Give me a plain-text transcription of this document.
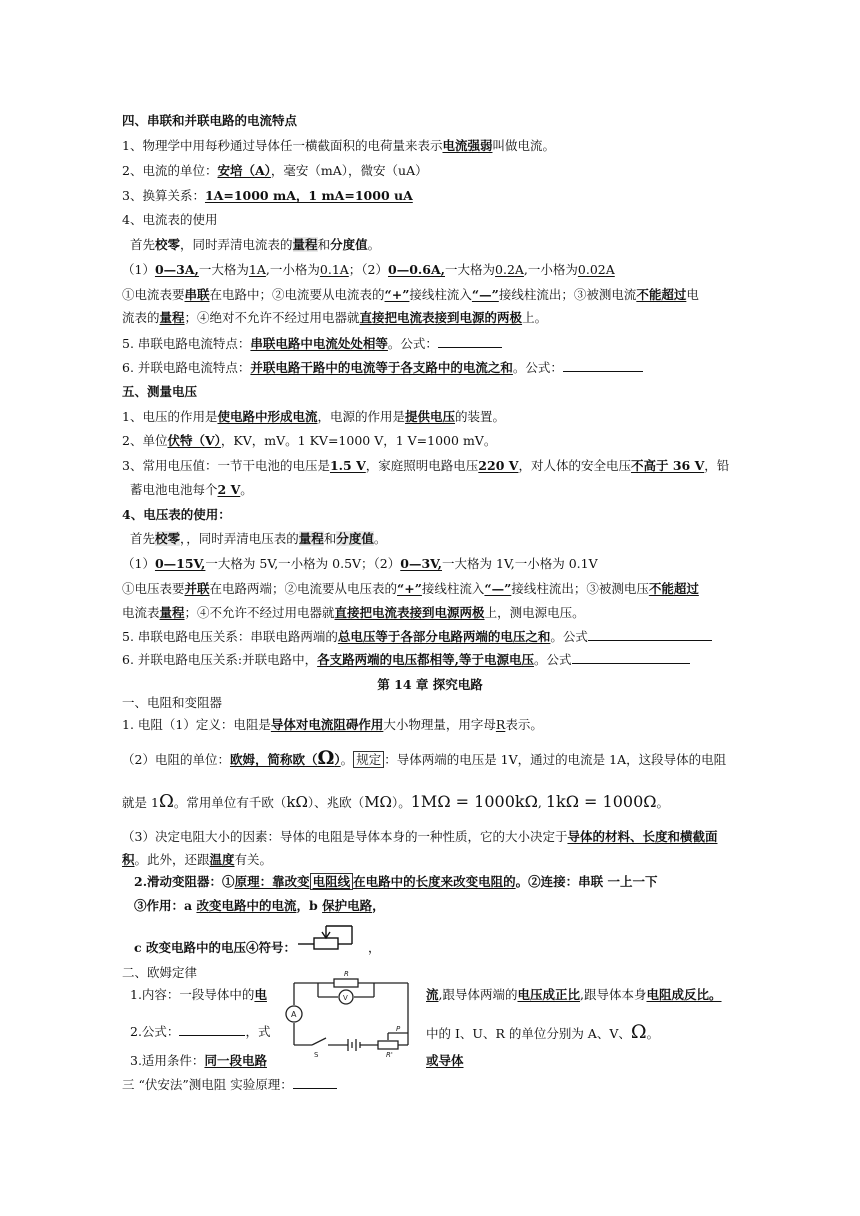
四、串联和并联电路的电流特点
1、物理学中用每秒通过导体任一横截面积的电荷量来表示电流强弱叫做电流。
2、电流的单位：安培（A），毫安（mA），微安（uA）
3、换算关系：1A=1000 mA，1 mA=1000 uA
4、电流表的使用
首先校零，同时弄清电流表的量程和分度值。
（1）0—3A,一大格为1A,一小格为0.1A；（2）0—0.6A,一大格为0.2A,一小格为0.02A
①电流表要串联在电路中；②电流要从电流表的“+”接线柱流入“—”接线柱流出；③被测电流不能超过电
流表的量程；④绝对不允许不经过用电器就直接把电流表接到电源的两极上。
5. 串联电路电流特点：串联电路中电流处处相等。公式：
6. 并联电路电流特点：并联电路干路中的电流等于各支路中的电流之和。公式：
五、测量电压
1、电压的作用是使电路中形成电流，电源的作用是提供电压的装置。
2、单位伏特（V），KV，mV。1 KV=1000 V，1 V=1000 mV。
3、常用电压值：一节干电池的电压是1.5 V，家庭照明电路电压220 V，对人体的安全电压不高于 36 V，铅
蓄电池电池每个2 V。
4、电压表的使用：
首先校零，，同时弄清电压表的量程和分度值。
（1）0—15V,一大格为 5V,一小格为 0.5V；（2）0—3V,一大格为 1V,一小格为 0.1V
①电压表要并联在电路两端；②电流要从电压表的“+”接线柱流入“—”接线柱流出；③被测电压不能超过
电流表量程；④不允许不经过用电器就直接把电流表接到电源两极上，测电源电压。
5. 串联电路电压关系：串联电路两端的总电压等于各部分电路两端的电压之和。公式
6. 并联电路电压关系:并联电路中，各支路两端的电压都相等,等于电源电压。公式
第 14 章 探究电路
一、电阻和变阻器
1. 电阻（1）定义：电阻是导体对电流阻碍作用大小物理量，用字母R表示。
（2）电阻的单位：欧姆，简称欧（Ω）。 规定 ：导体两端的电压是 1V，通过的电流是 1A，这段导体的电阻
就是 1Ω。常用单位有千欧（kΩ）、兆欧（MΩ）。1MΩ = 1000kΩ, 1kΩ = 1000Ω。
（3）决定电阻大小的因素：导体的电阻是导体本身的一种性质，它的大小决定于导体的材料、长度和横截面
积。此外，还跟温度有关。
2.滑动变阻器：①原理：靠改变 电阻线 在电路中的长度来改变电阻的。②连接：串联 一上一下
③作用：a 改变电路中的电流，b 保护电路，
c 改变电路中的电压④符号：	，
二、欧姆定律
1.内容：一段导体中的电	流,跟导体两端的电压成正比,跟导体本身电阻成反比。
2.公式：	，式	中的 I、U、R 的单位分别为 A、V、Ω。
3.适用条件：同一段电路	或导体
三 “伏安法”测电阻 实验原理：
R
A
V
P
S	R'
